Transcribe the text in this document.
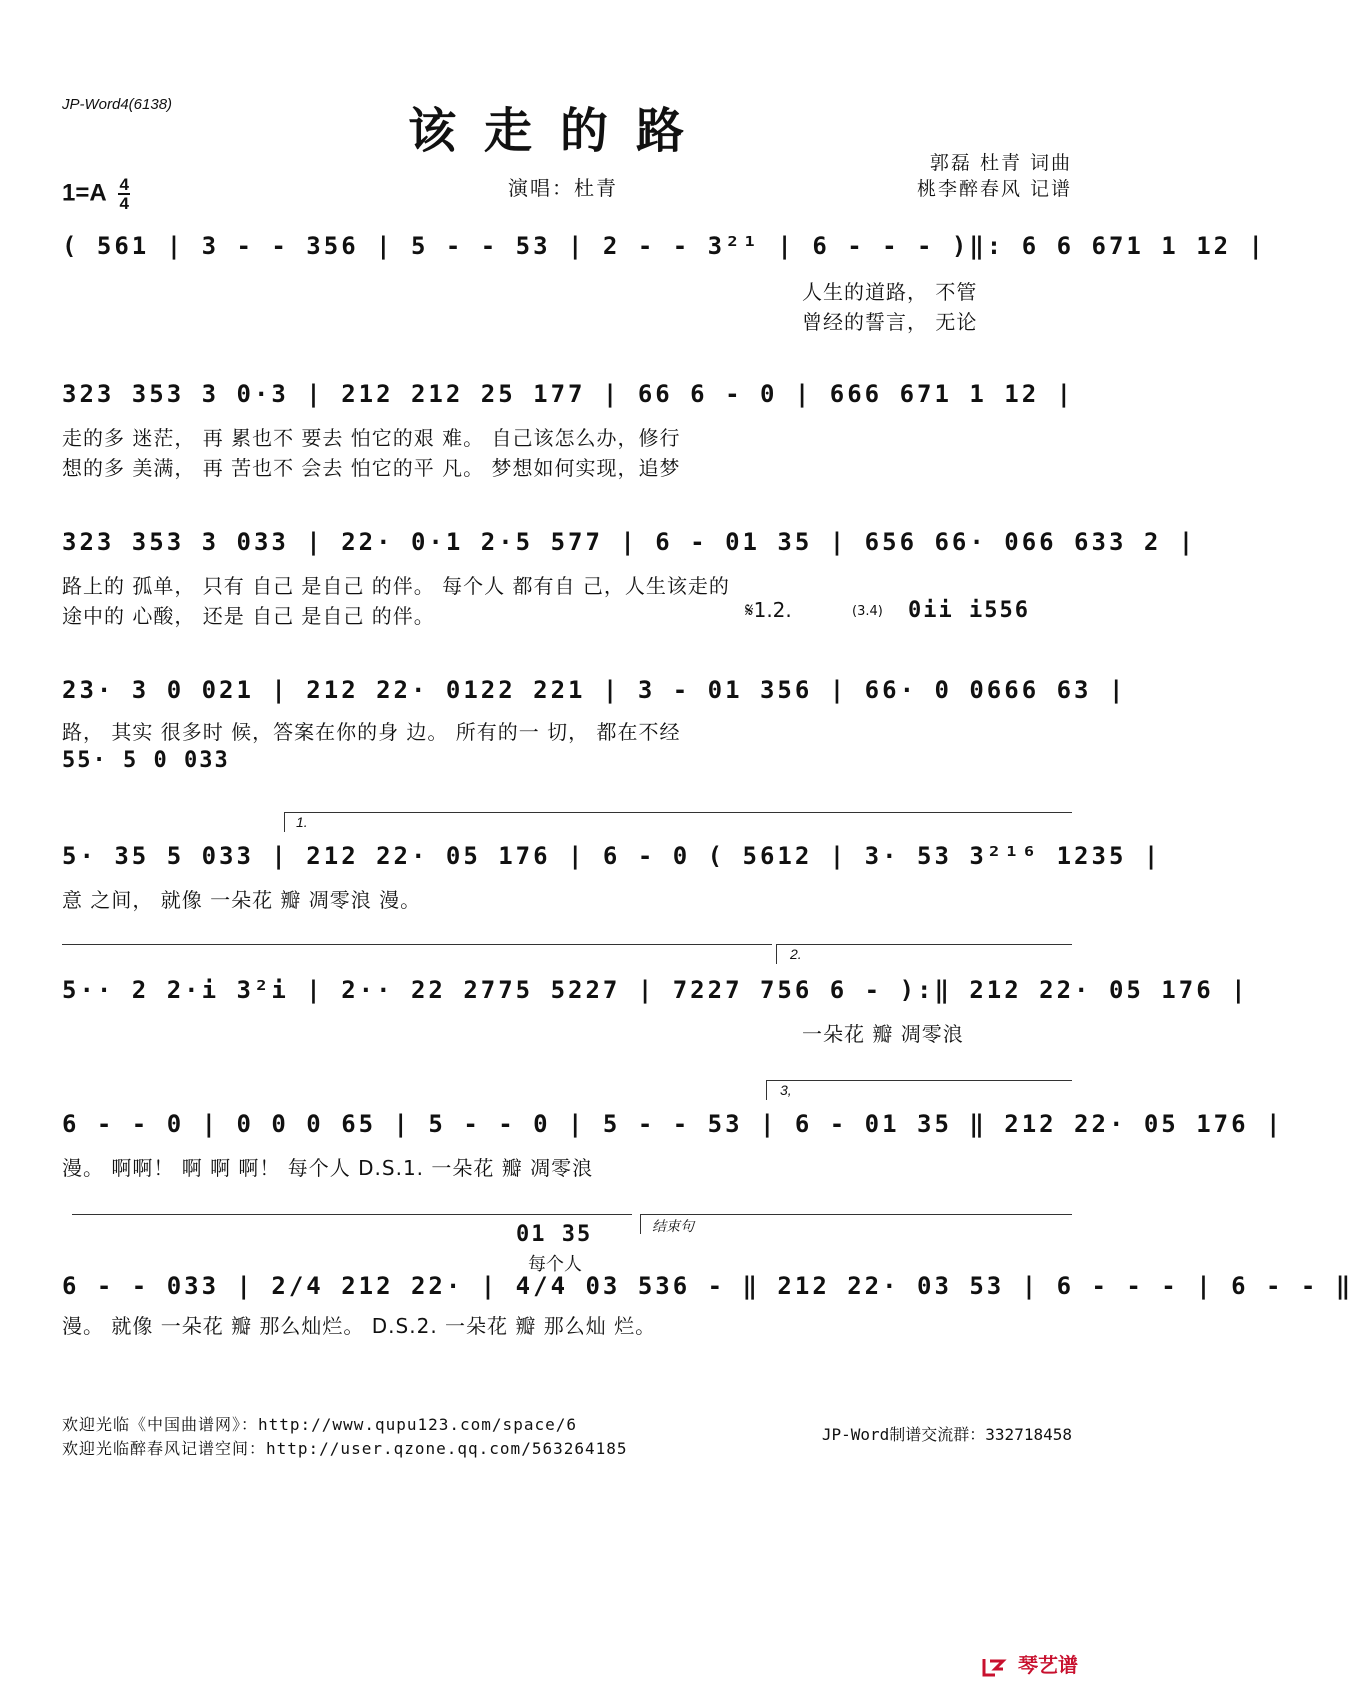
JP-Word4(6138)	该走的路
郭磊 杜青 词曲
桃李醉春风 记谱
$1=A \frac{4}{4}$	演唱：杜青
( 561 | 3 - - 356 | 5 - - 53 | 2 - - 3²¹ | 6 - - - )‖: 6 6 671 1 12 |
人生的道路， 不管
曾经的誓言， 无论
323 353 3 0·3 | 212 212 25 177 | 66 6 - 0 | 666 671 1 12 |
走的多 迷茫， 再 累也不 要去 怕它的艰 难。 自己该怎么办，修行
想的多 美满， 再 苦也不 会去 怕它的平 凡。 梦想如何实现，追梦
323 353 3 033 | 22· 0·1 2·5 577 | 6 - 01 35 | 656 66· 066 633 2 |
路上的 孤单， 只有 自己 是自己 的伴。 每个人 都有自 己，人生该走的
途中的 心酸， 还是 自己 是自己 的伴。	𝄋1.2.	(3.4) 0ii i556
23· 3 0 021 | 212 22· 0122 221 | 3 - 01 356 | 66· 0 0666 63 |
路， 其实 很多时 候，答案在你的身 边。 所有的一 切， 都在不经
55· 5 0 033
1.
5· 35 5 033 | 212 22· 05 176 | 6 - 0 ( 5612 | 3· 53 3²¹⁶ 1235 |
意 之间， 就像 一朵花 瓣 凋零浪 漫。
2.
5·· 2 2·i 3²i | 2·· 22 2775 5227 | 7227 756 6 - ):‖ 212 22· 05 176 |
一朵花 瓣 凋零浪
3,
6 - - 0 | 0 0 0 65 | 5 - - 0 | 5 - - 53 | 6 - 01 35 ‖ 212 22· 05 176 |
漫。 啊啊！ 啊 啊 啊！ 每个人 D.S.1. 一朵花 瓣 凋零浪
结束句
01 35
每个人
6 - - 033 | 2/4 212 22· | 4/4 03 536 - ‖ 212 22· 03 53 | 6 - - - | 6 - - ‖
漫。 就像 一朵花 瓣 那么灿烂。 D.S.2. 一朵花 瓣 那么灿 烂。
欢迎光临《中国曲谱网》：http://www.qupu123.com/space/6
欢迎光临醉春风记谱空间：http://user.qzone.qq.com/563264185
JP-Word制谱交流群：332718458
琴艺谱
